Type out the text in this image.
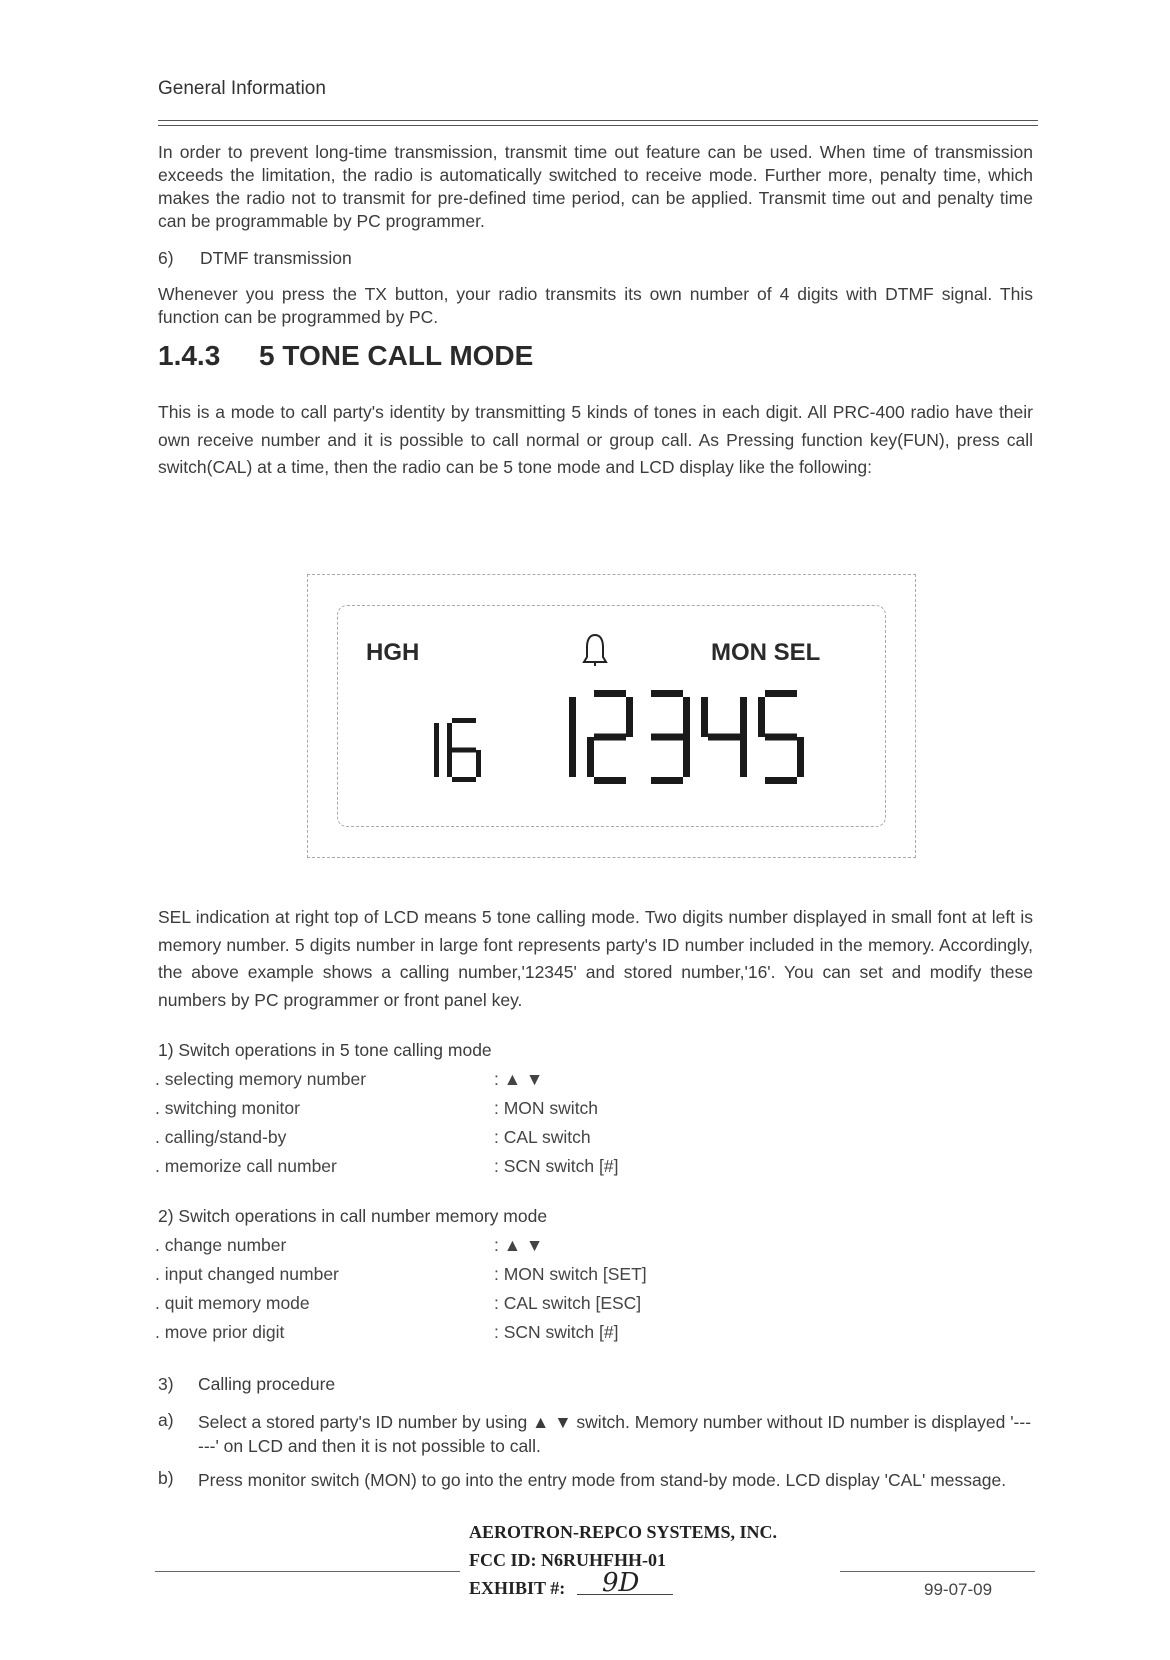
General Information
In order to prevent long-time transmission, transmit time out feature can be used. When time of transmission exceeds the limitation, the radio is automatically switched to receive mode. Further more, penalty time, which makes the radio not to transmit for pre-defined time period, can be applied. Transmit time out and penalty time can be programmable by PC programmer.
6) DTMF transmission
Whenever you press the TX button, your radio transmits its own number of 4 digits with DTMF signal. This function can be programmed by PC.
1.4.3 5 TONE CALL MODE
This is a mode to call party's identity by transmitting 5 kinds of tones in each digit. All PRC-400 radio have their own receive number and it is possible to call normal or group call. As Pressing function key(FUN), press call switch(CAL) at a time, then the radio can be 5 tone mode and LCD display like the following:
HGH	MON SEL
SEL indication at right top of LCD means 5 tone calling mode. Two digits number displayed in small font at left is memory number. 5 digits number in large font represents party's ID number included in the memory. Accordingly, the above example shows a calling number,'12345' and stored number,'16'. You can set and modify these numbers by PC programmer or front panel key.
1) Switch operations in 5 tone calling mode
. selecting memory number	: ▲ ▼
. switching monitor	: MON switch
. calling/stand-by	: CAL switch
. memorize call number	: SCN switch [#]
2) Switch operations in call number memory mode
. change number	: ▲ ▼
. input changed number	: MON switch [SET]
. quit memory mode	: CAL switch [ESC]
. move prior digit	: SCN switch [#]
3) Calling procedure
a) Select a stored party's ID number by using ▲ ▼ switch. Memory number without ID number is displayed '------' on LCD and then it is not possible to call.
b) Press monitor switch (MON) to go into the entry mode from stand-by mode. LCD display 'CAL' message.
AEROTRON-REPCO SYSTEMS, INC.
FCC ID: N6RUHFHH-01
EXHIBIT #: 9D	99-07-09
